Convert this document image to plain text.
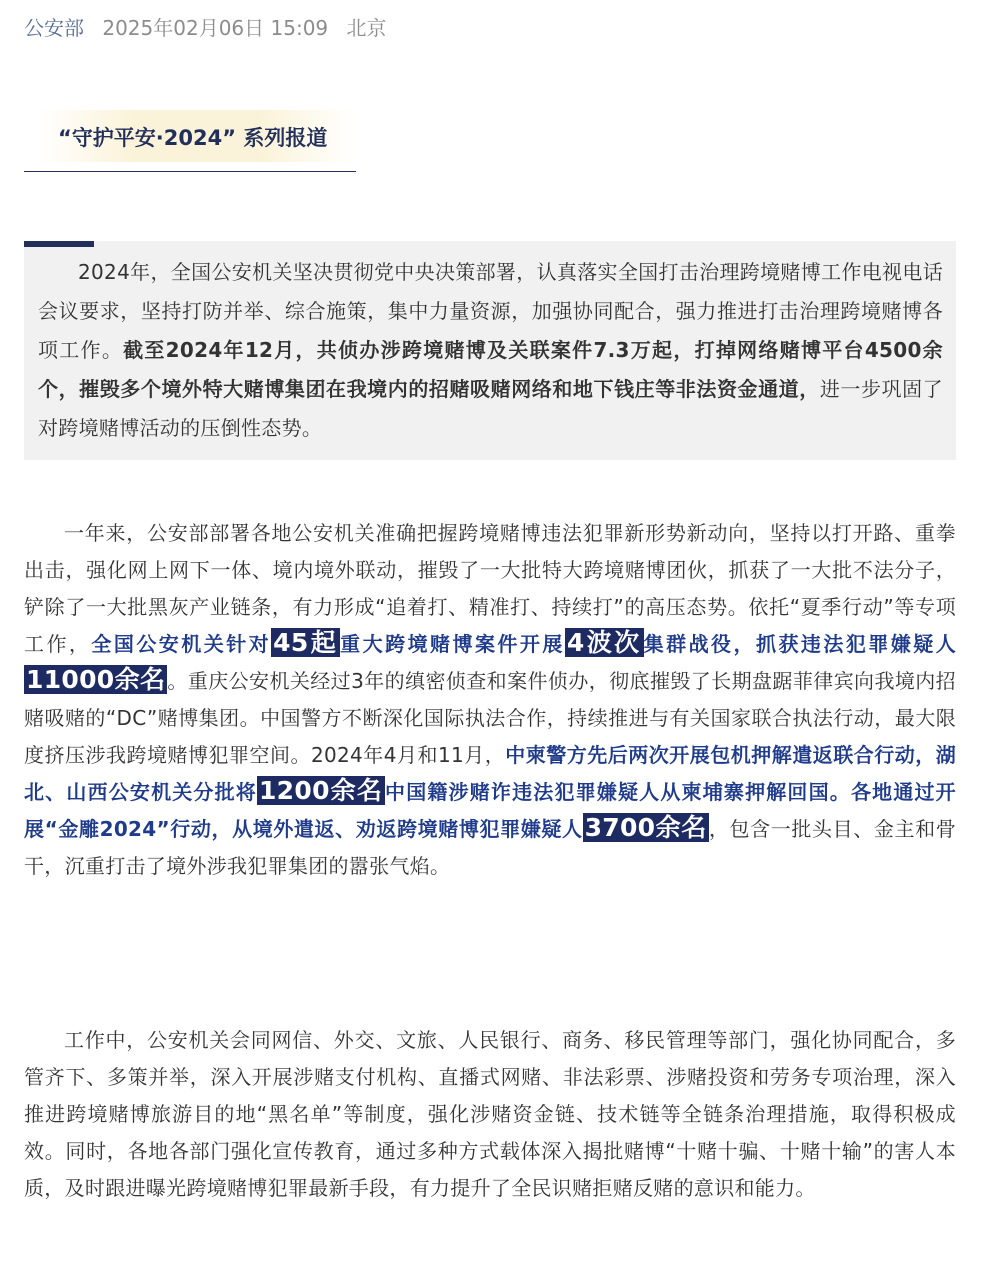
公安部 2025年02月06日 15:09 北京
“守护平安·2024” 系列报道

2024年，全国公安机关坚决贯彻党中央决策部署，认真落实全国打击治理跨境赌博工作电视电话会议要求，坚持打防并举、综合施策，集中力量资源，加强协同配合，强力推进打击治理跨境赌博各项工作。截至2024年12月，共侦办涉跨境赌博及关联案件7.3万起，打掉网络赌博平台4500余个，摧毁多个境外特大赌博集团在我境内的招赌吸赌网络和地下钱庄等非法资金通道，进一步巩固了对跨境赌博活动的压倒性态势。

一年来，公安部部署各地公安机关准确把握跨境赌博违法犯罪新形势新动向，坚持以打开路、重拳出击，强化网上网下一体、境内境外联动，摧毁了一大批特大跨境赌博团伙，抓获了一大批不法分子，铲除了一大批黑灰产业链条，有力形成“追着打、精准打、持续打”的高压态势。依托“夏季行动”等专项工作，全国公安机关针对45起 重大跨境赌博案件开展4波次 集群战役，抓获违法犯罪嫌疑人11000余名 。重庆公安机关经过3年的缜密侦查和案件侦办，彻底摧毁了长期盘踞菲律宾向我境内招赌吸赌的“DC”赌博集团。中国警方不断深化国际执法合作，持续推进与有关国家联合执法行动，最大限度挤压涉我跨境赌博犯罪空间。2024年4月和11月，中柬警方先后两次开展包机押解遣返联合行动，湖北、山西公安机关分批将1200余名 中国籍涉赌诈违法犯罪嫌疑人从柬埔寨押解回国。各地通过开展“金雕2024”行动，从境外遣返、劝返跨境赌博犯罪嫌疑人3700余名 ，包含一批头目、金主和骨干，沉重打击了境外涉我犯罪集团的嚣张气焰。

工作中，公安机关会同网信、外交、文旅、人民银行、商务、移民管理等部门，强化协同配合，多管齐下、多策并举，深入开展涉赌支付机构、直播式网赌、非法彩票、涉赌投资和劳务专项治理，深入推进跨境赌博旅游目的地“黑名单”等制度，强化涉赌资金链、技术链等全链条治理措施，取得积极成效。同时，各地各部门强化宣传教育，通过多种方式载体深入揭批赌博“十赌十骗、十赌十输”的害人本质，及时跟进曝光跨境赌博犯罪最新手段，有力提升了全民识赌拒赌反赌的意识和能力。
